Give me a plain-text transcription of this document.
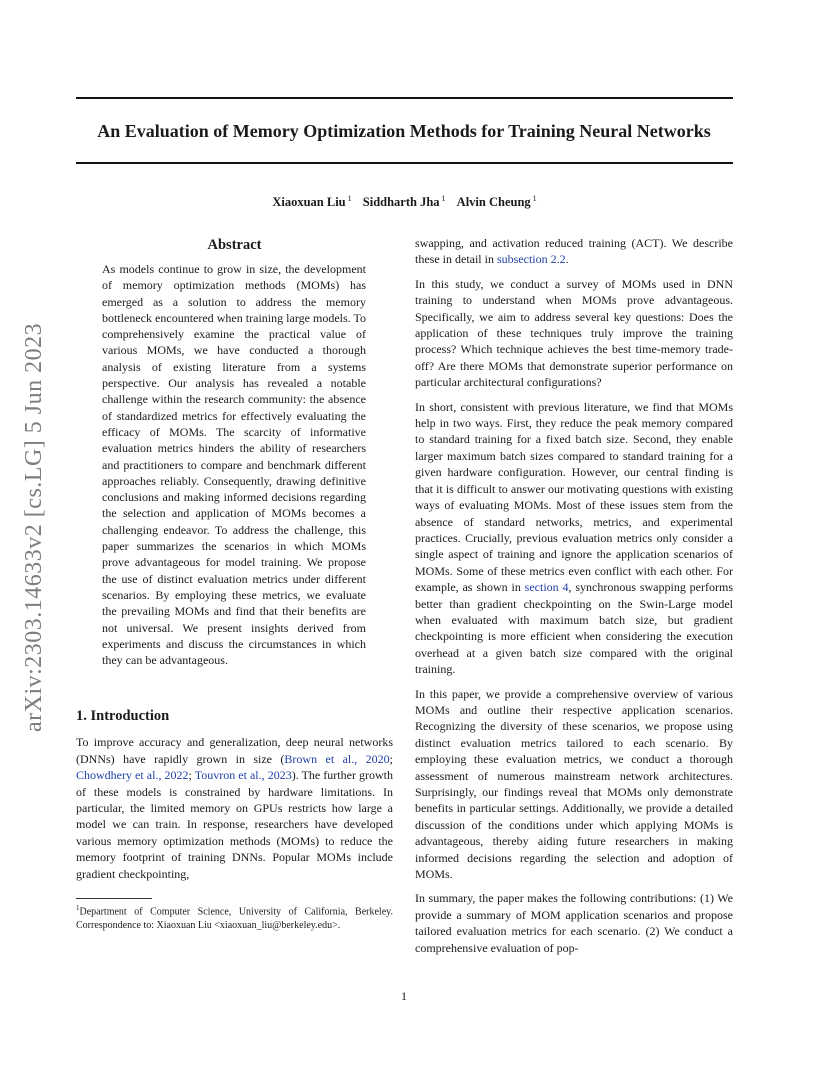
arXiv:2303.14633v2 [cs.LG] 5 Jun 2023
An Evaluation of Memory Optimization Methods for Training Neural Networks
Xiaoxuan Liu $^1$ Siddharth Jha $^1$ Alvin Cheung $^1$
Abstract

As models continue to grow in size, the development of memory optimization methods (MOMs) has emerged as a solution to address the memory bottleneck encountered when training large models. To comprehensively examine the practical value of various MOMs, we have conducted a thorough analysis of existing literature from a systems perspective. Our analysis has revealed a notable challenge within the research community: the absence of standardized metrics for effectively evaluating the efficacy of MOMs. The scarcity of informative evaluation metrics hinders the ability of researchers and practitioners to compare and benchmark different approaches reliably. Consequently, drawing definitive conclusions and making informed decisions regarding the selection and application of MOMs becomes a challenging endeavor. To address the challenge, this paper summarizes the scenarios in which MOMs prove advantageous for model training. We propose the use of distinct evaluation metrics under different scenarios. By employing these metrics, we evaluate the prevailing MOMs and find that their benefits are not universal. We present insights derived from experiments and discuss the circumstances in which they can be advantageous.

1. Introduction

To improve accuracy and generalization, deep neural networks (DNNs) have rapidly grown in size (Brown et al., 2020; Chowdhery et al., 2022; Touvron et al., 2023). The further growth of these models is constrained by hardware limitations. In particular, the limited memory on GPUs restricts how large a model we can train. In response, researchers have developed various memory optimization methods (MOMs) to reduce the memory footprint of training DNNs. Popular MOMs include gradient checkpointing,

$^1$Department of Computer Science, University of California, Berkeley. Correspondence to: Xiaoxuan Liu <xiaoxuan_liu@berkeley.edu>.

swapping, and activation reduced training (ACT). We describe these in detail in subsection 2.2.

In this study, we conduct a survey of MOMs used in DNN training to understand when MOMs prove advantageous. Specifically, we aim to address several key questions: Does the application of these techniques truly improve the training process? Which technique achieves the best time-memory trade-off? Are there MOMs that demonstrate superior performance on particular architectural configurations?

In short, consistent with previous literature, we find that MOMs help in two ways. First, they reduce the peak memory compared to standard training for a fixed batch size. Second, they enable larger maximum batch sizes compared to standard training for a given hardware configuration. However, our central finding is that it is difficult to answer our motivating questions with existing ways of evaluating MOMs. Most of these issues stem from the absence of standard networks, metrics, and experimental practices. Crucially, previous evaluation metrics only consider a single aspect of training and ignore the application scenarios of MOMs. Some of these metrics even conflict with each other. For example, as shown in section 4, synchronous swapping performs better than gradient checkpointing on the Swin-Large model when evaluated with maximum batch size, but gradient checkpointing is more efficient when considering the execution overhead at a given batch size compared with the original training.

In this paper, we provide a comprehensive overview of various MOMs and outline their respective application scenarios. Recognizing the diversity of these scenarios, we propose using distinct evaluation metrics tailored to each scenario. By employing these evaluation metrics, we conduct a thorough assessment of numerous mainstream network architectures. Surprisingly, our findings reveal that MOMs only demonstrate benefits in particular settings. Additionally, we provide a detailed discussion of the conditions under which applying MOMs is advantageous, thereby aiding future researchers in making informed decisions regarding the selection and adoption of MOMs.

In summary, the paper makes the following contributions: (1) We provide a summary of MOM application scenarios and propose tailored evaluation metrics for each scenario. (2) We conduct a comprehensive evaluation of pop-

1
